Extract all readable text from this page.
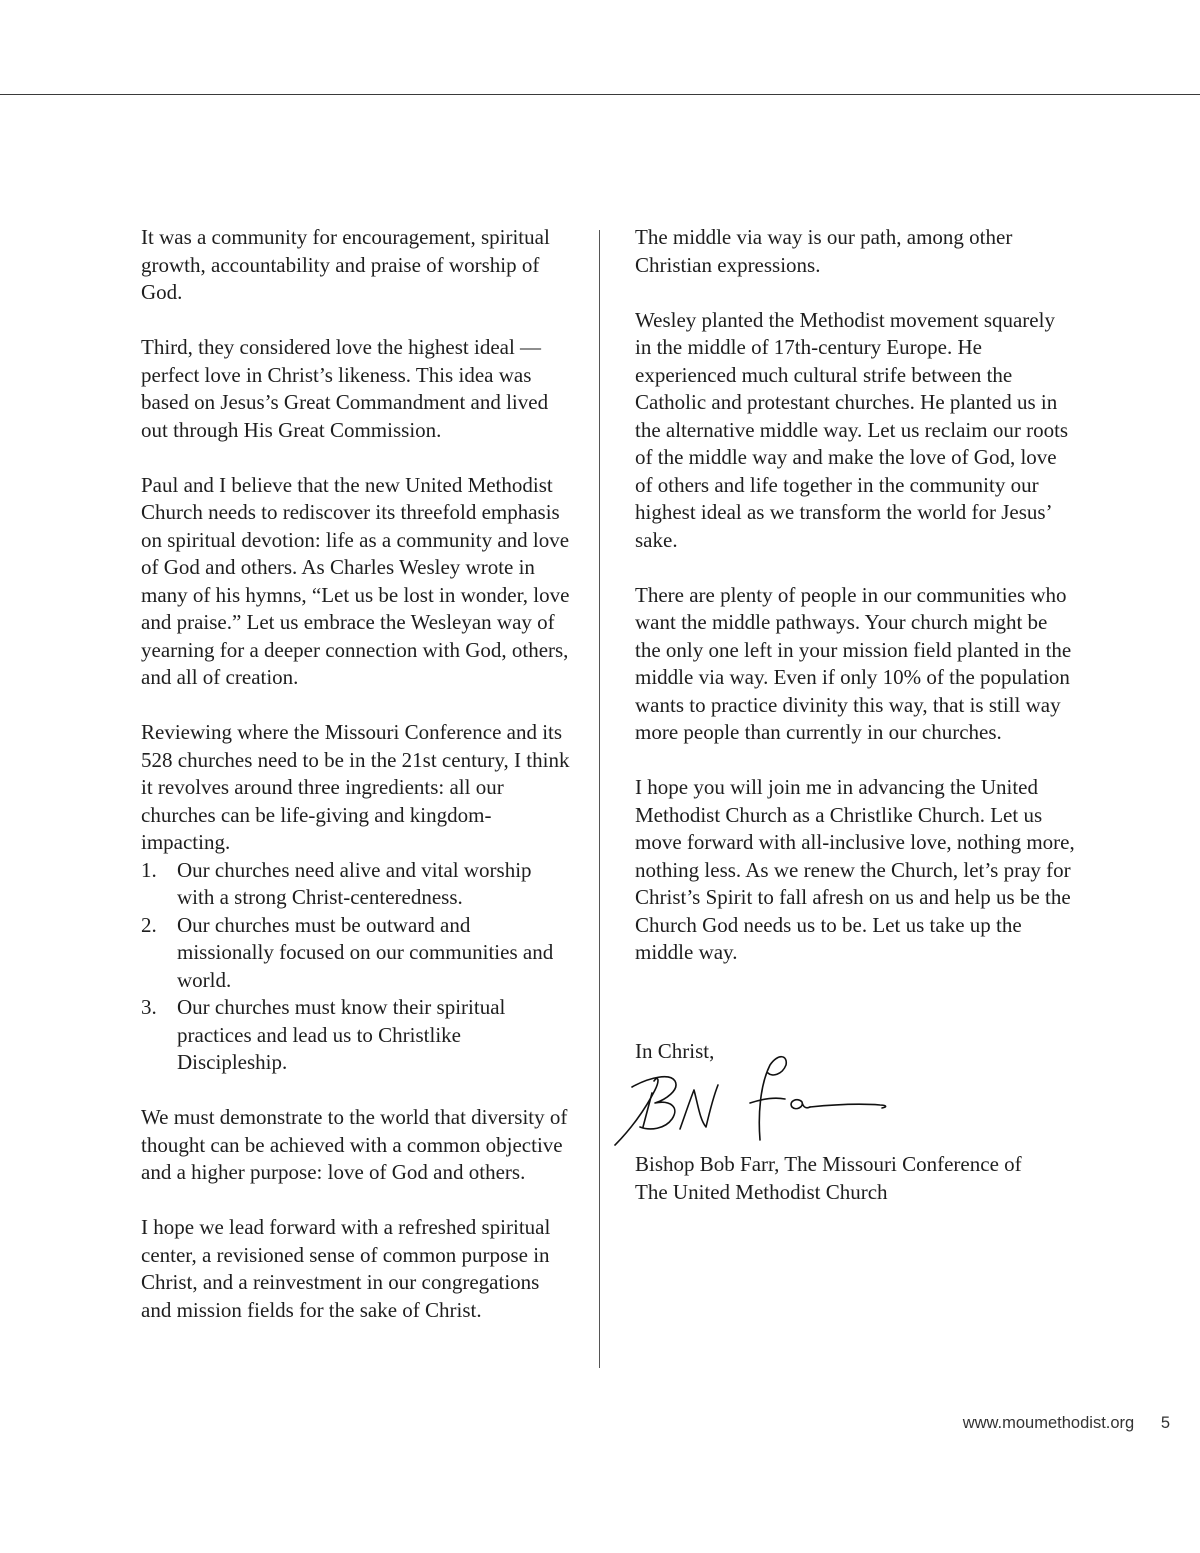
It was a community for encouragement, spiritual growth, accountability and praise of worship of God.

Third, they considered love the highest ideal — perfect love in Christ’s likeness. This idea was based on Jesus’s Great Commandment and lived out through His Great Commission.

Paul and I believe that the new United Methodist Church needs to rediscover its threefold emphasis on spiritual devotion: life as a community and love of God and others. As Charles Wesley wrote in many of his hymns, “Let us be lost in wonder, love and praise.” Let us embrace the Wesleyan way of yearning for a deeper connection with God, others, and all of creation.

Reviewing where the Missouri Conference and its 528 churches need to be in the 21st century, I think it revolves around three ingredients: all our churches can be life-giving and kingdom-impacting.

1. Our churches need alive and vital worship with a strong Christ-centeredness.
2. Our churches must be outward and missionally focused on our communities and world.
3. Our churches must know their spiritual practices and lead us to Christlike Discipleship.

We must demonstrate to the world that diversity of thought can be achieved with a common objective and a higher purpose: love of God and others.

I hope we lead forward with a refreshed spiritual center, a revisioned sense of common purpose in Christ, and a reinvestment in our congregations and mission fields for the sake of Christ.

The middle via way is our path, among other Christian expressions.

Wesley planted the Methodist movement squarely in the middle of 17th-century Europe. He experienced much cultural strife between the Catholic and protestant churches. He planted us in the alternative middle way. Let us reclaim our roots of the middle way and make the love of God, love of others and life together in the community our highest ideal as we transform the world for Jesus’ sake.

There are plenty of people in our communities who want the middle pathways. Your church might be the only one left in your mission field planted in the middle via way. Even if only 10% of the population wants to practice divinity this way, that is still way more people than currently in our churches.

I hope you will join me in advancing the United Methodist Church as a Christlike Church. Let us move forward with all-inclusive love, nothing more, nothing less. As we renew the Church, let’s pray for Christ’s Spirit to fall afresh on us and help us be the Church God needs us to be. Let us take up the middle way.

In Christ,
Bishop Bob Farr, The Missouri Conference of
The United Methodist Church
www.moumethodist.org 5
